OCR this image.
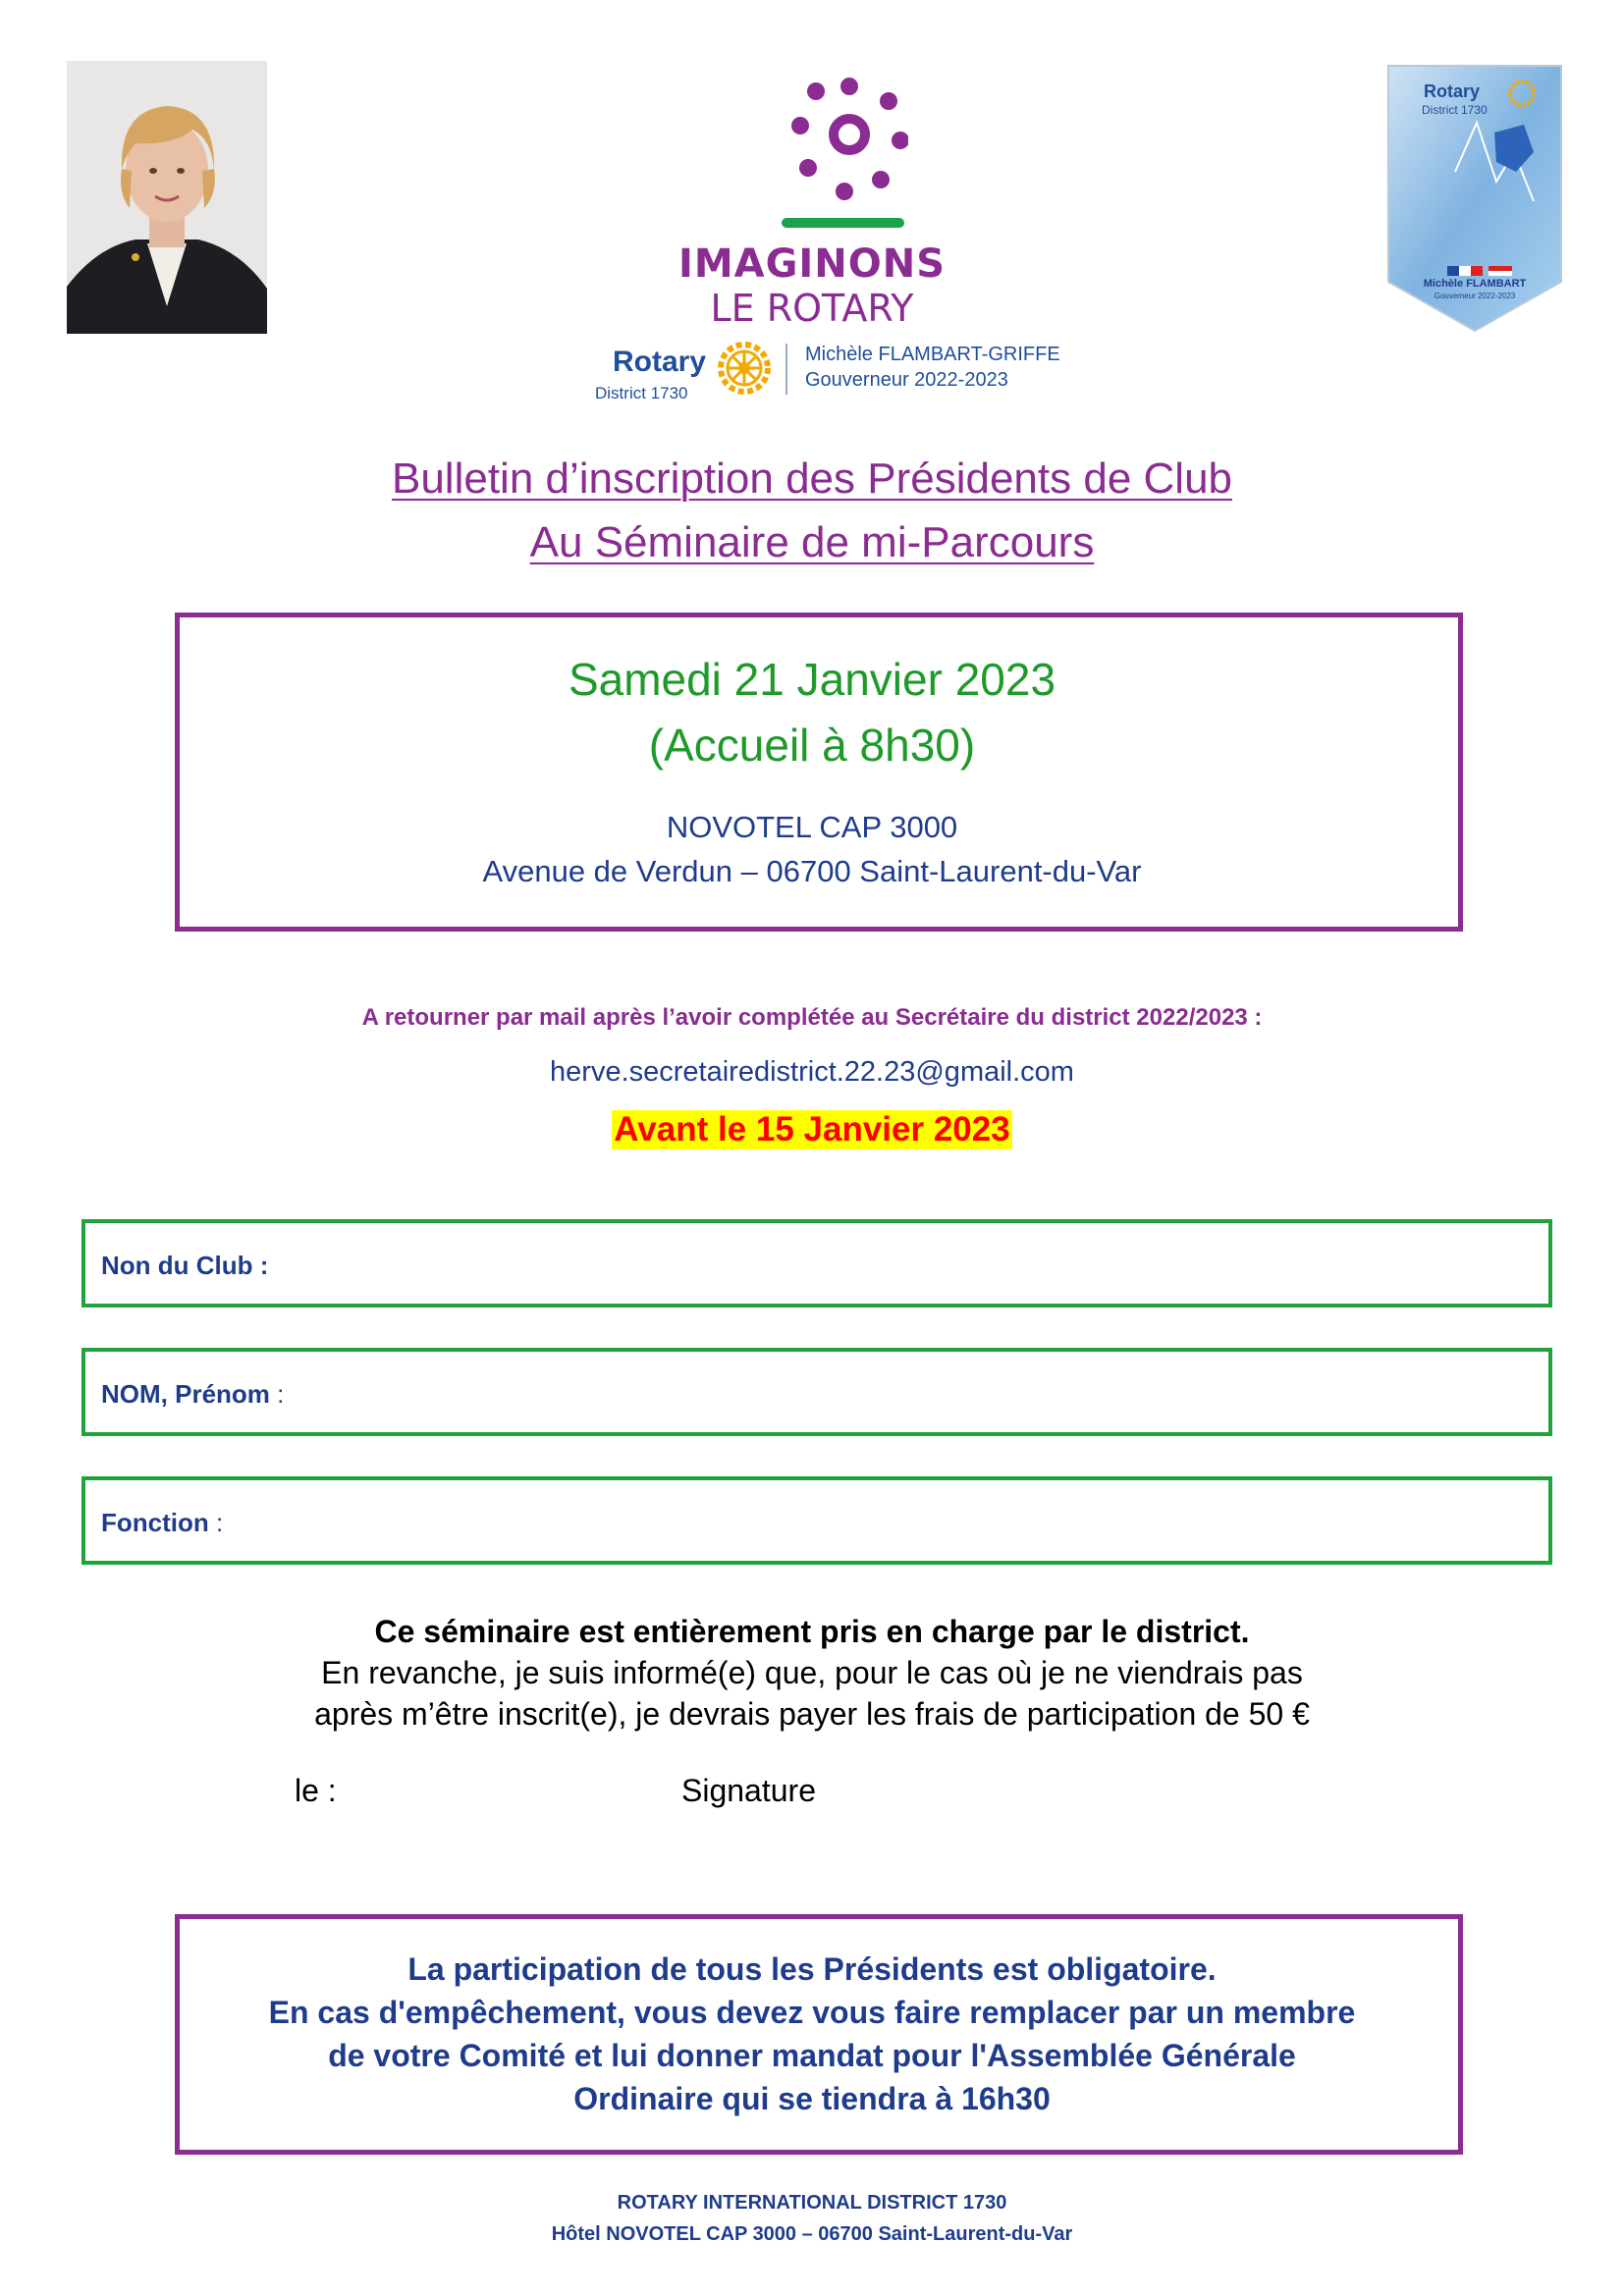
IMAGINONS
LE ROTARY
Rotary
District 1730
Michèle FLAMBART-GRIFFE
Gouverneur 2022-2023
Rotary
District 1730
Michèle FLAMBART
Gouverneur 2022-2023
Bulletin d’inscription des Présidents de Club
Au Séminaire de mi-Parcours
Samedi 21 Janvier 2023
(Accueil à 8h30)
NOVOTEL CAP 3000
Avenue de Verdun – 06700 Saint-Laurent-du-Var
A retourner par mail après l’avoir complétée au Secrétaire du district 2022/2023 :
herve.secretairedistrict.22.23@gmail.com
Avant le 15 Janvier 2023
Non du Club :
NOM, Prénom :
Fonction :
Ce séminaire est entièrement pris en charge par le district.
En revanche, je suis informé(e) que, pour le cas où je ne viendrais pas
après m’être inscrit(e), je devrais payer les frais de participation de 50 €
le :	Signature
La participation de tous les Présidents est obligatoire.
En cas d'empêchement, vous devez vous faire remplacer par un membre
de votre Comité et lui donner mandat pour l'Assemblée Générale
Ordinaire qui se tiendra à 16h30
ROTARY INTERNATIONAL DISTRICT 1730
Hôtel NOVOTEL CAP 3000 – 06700 Saint-Laurent-du-Var
